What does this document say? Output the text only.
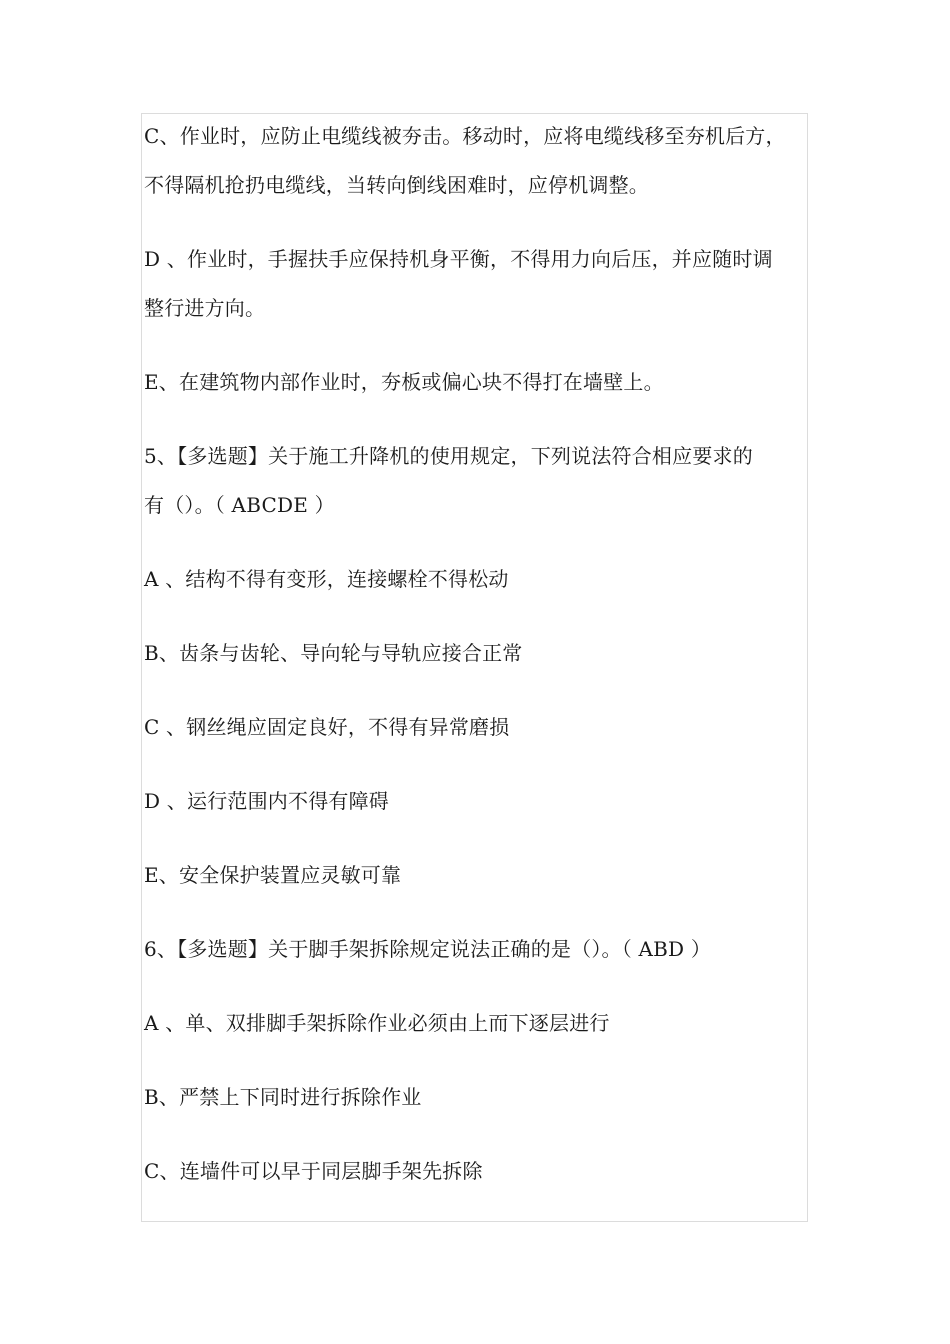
C、作业时，应防止电缆线被夯击。移动时，应将电缆线移至夯机后方，
不得隔机抢扔电缆线，当转向倒线困难时，应停机调整。

D 、作业时，手握扶手应保持机身平衡，不得用力向后压，并应随时调
整行进方向。

E、在建筑物内部作业时，夯板或偏心块不得打在墙壁上。

5、【多选题】关于施工升降机的使用规定，下列说法符合相应要求的
有（）。（ ABCDE ）

A 、结构不得有变形，连接螺栓不得松动

B、齿条与齿轮、导向轮与导轨应接合正常

C 、钢丝绳应固定良好，不得有异常磨损

D 、运行范围内不得有障碍

E、安全保护装置应灵敏可靠

6、【多选题】关于脚手架拆除规定说法正确的是（）。（ ABD ）

A 、单、双排脚手架拆除作业必须由上而下逐层进行

B、严禁上下同时进行拆除作业

C、连墙件可以早于同层脚手架先拆除
